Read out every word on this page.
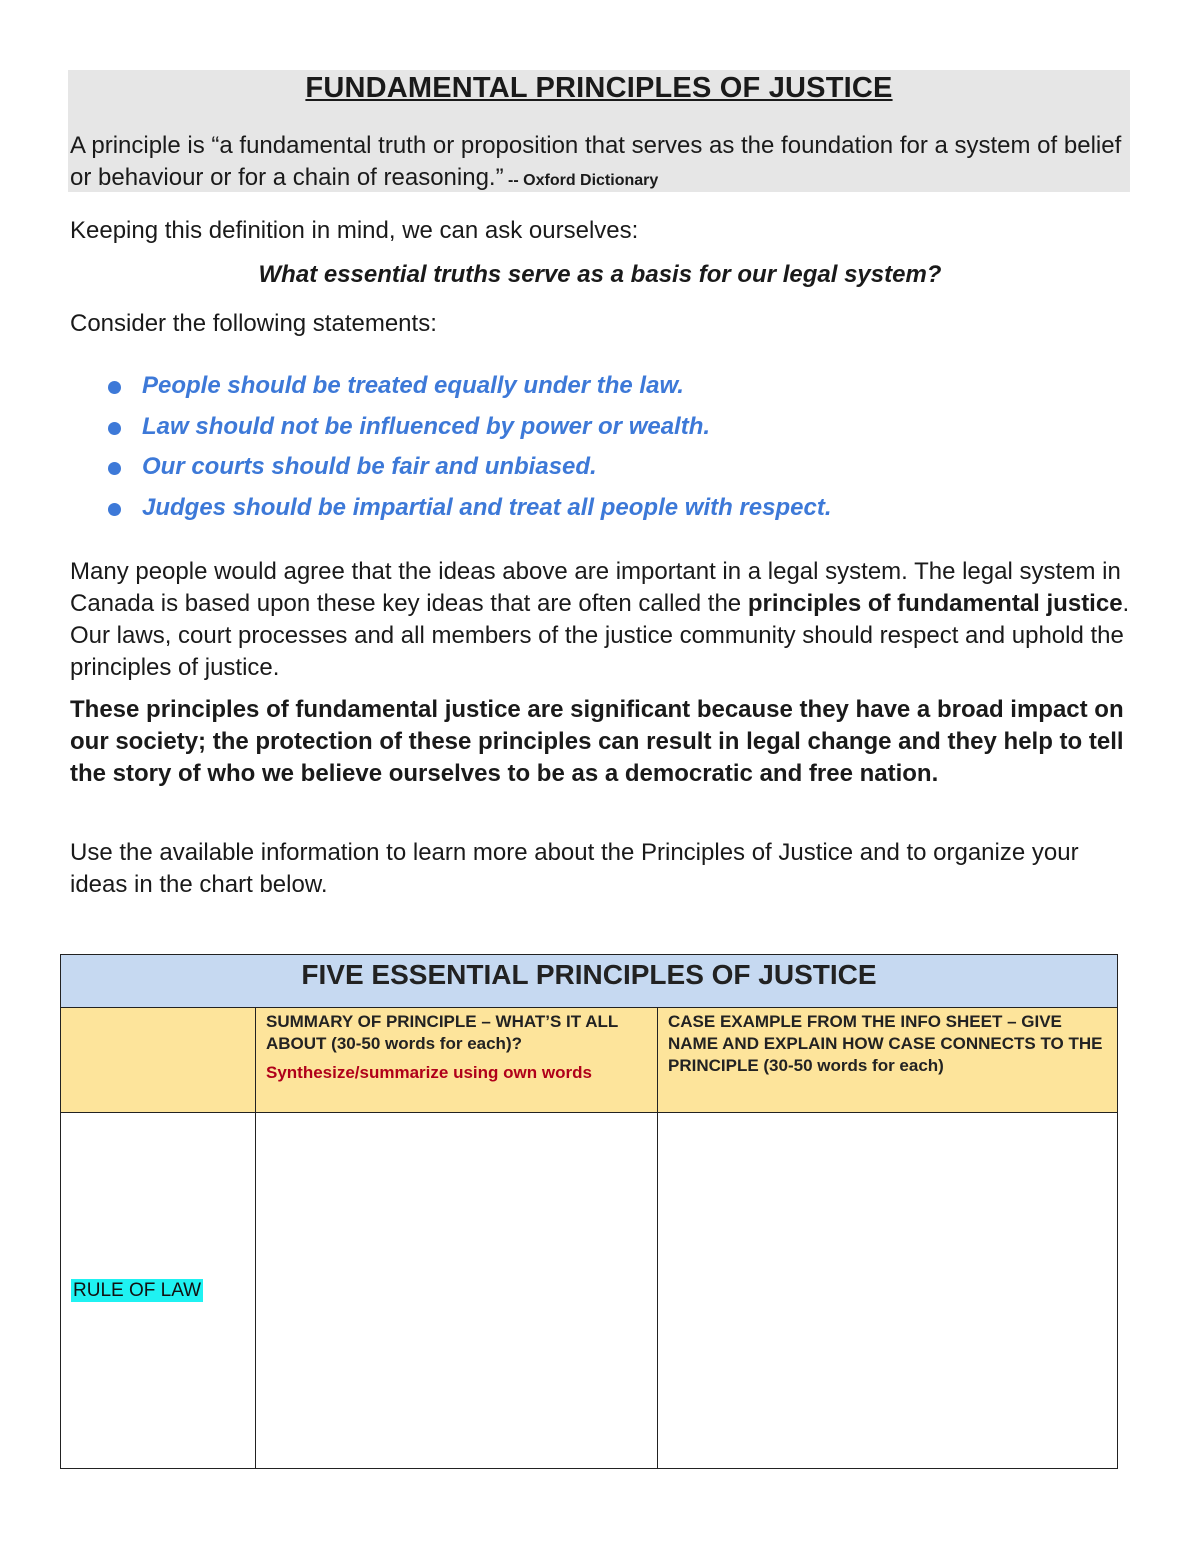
FUNDAMENTAL PRINCIPLES OF JUSTICE
A principle is “a fundamental truth or proposition that serves as the foundation for a system of belief or behaviour or for a chain of reasoning.” -- Oxford Dictionary
Keeping this definition in mind, we can ask ourselves:
What essential truths serve as a basis for our legal system?
Consider the following statements:
People should be treated equally under the law.
Law should not be influenced by power or wealth.
Our courts should be fair and unbiased.
Judges should be impartial and treat all people with respect.
Many people would agree that the ideas above are important in a legal system. The legal system in Canada is based upon these key ideas that are often called the principles of fundamental justice. Our laws, court processes and all members of the justice community should respect and uphold the principles of justice.
These principles of fundamental justice are significant because they have a broad impact on our society; the protection of these principles can result in legal change and they help to tell the story of who we believe ourselves to be as a democratic and free nation.
Use the available information to learn more about the Principles of Justice and to organize your ideas in the chart below.
FIVE ESSENTIAL PRINCIPLES OF JUSTICE		

	SUMMARY OF PRINCIPLE – WHAT’S IT ALL ABOUT (30-50 words for each)?
Synthesize/summarize using own words	CASE EXAMPLE FROM THE INFO SHEET – GIVE NAME AND EXPLAIN HOW CASE CONNECTS TO THE PRINCIPLE (30-50 words for each)

RULE OF LAW		
